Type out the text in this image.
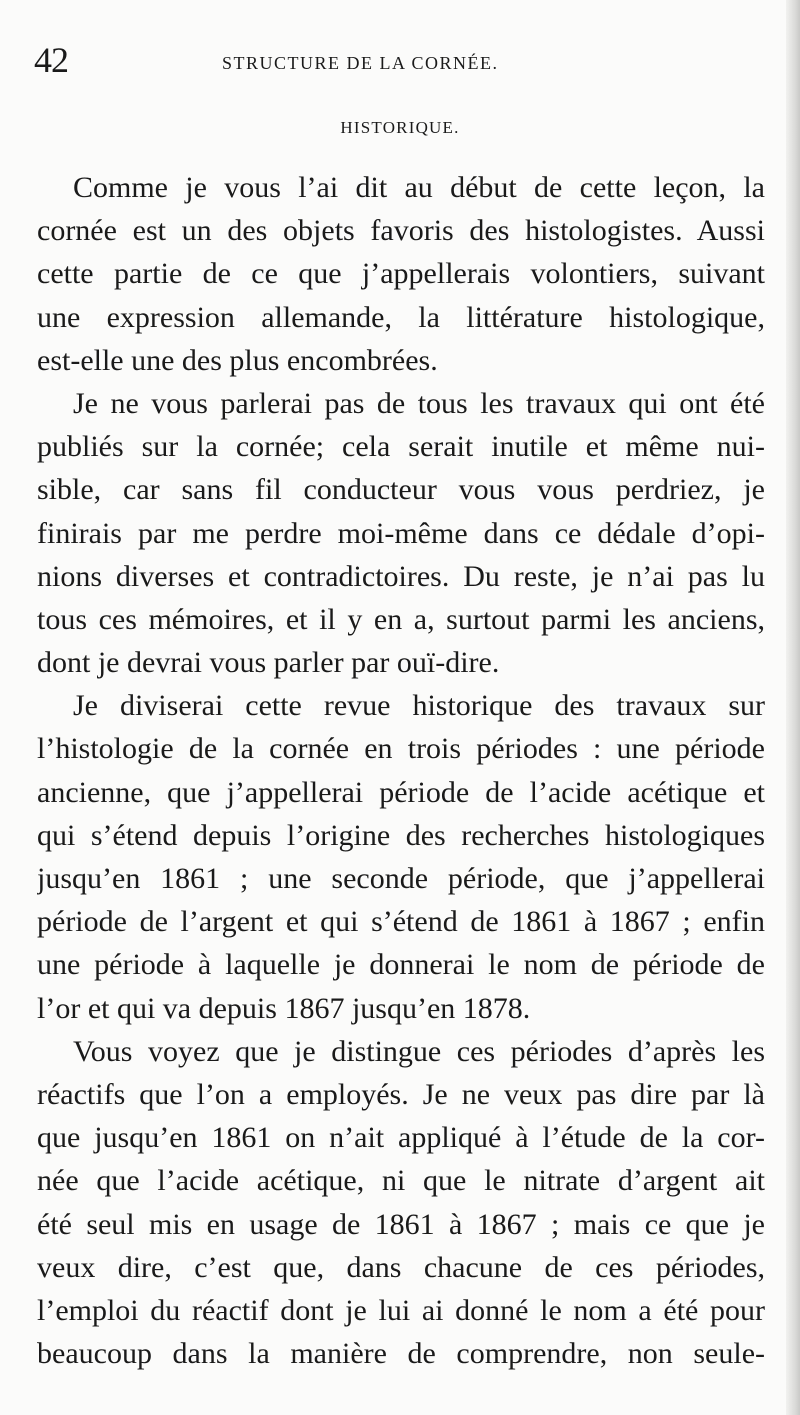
42	STRUCTURE DE LA CORNÉE.
HISTORIQUE.
Comme je vous l’ai dit au début de cette leçon, la
cornée est un des objets favoris des histologistes. Aussi
cette partie de ce que j’appellerais volontiers, suivant
une expression allemande, la littérature histologique,
est-elle une des plus encombrées.
Je ne vous parlerai pas de tous les travaux qui ont été
publiés sur la cornée; cela serait inutile et même nui-
sible, car sans fil conducteur vous vous perdriez, je
finirais par me perdre moi-même dans ce dédale d’opi-
nions diverses et contradictoires. Du reste, je n’ai pas lu
tous ces mémoires, et il y en a, surtout parmi les anciens,
dont je devrai vous parler par ouï-dire.
Je diviserai cette revue historique des travaux sur
l’histologie de la cornée en trois périodes : une période
ancienne, que j’appellerai période de l’acide acétique et
qui s’étend depuis l’origine des recherches histologiques
jusqu’en 1861 ; une seconde période, que j’appellerai
période de l’argent et qui s’étend de 1861 à 1867 ; enfin
une période à laquelle je donnerai le nom de période de
l’or et qui va depuis 1867 jusqu’en 1878.
Vous voyez que je distingue ces périodes d’après les
réactifs que l’on a employés. Je ne veux pas dire par là
que jusqu’en 1861 on n’ait appliqué à l’étude de la cor-
née que l’acide acétique, ni que le nitrate d’argent ait
été seul mis en usage de 1861 à 1867 ; mais ce que je
veux dire, c’est que, dans chacune de ces périodes,
l’emploi du réactif dont je lui ai donné le nom a été pour
beaucoup dans la manière de comprendre, non seule-
